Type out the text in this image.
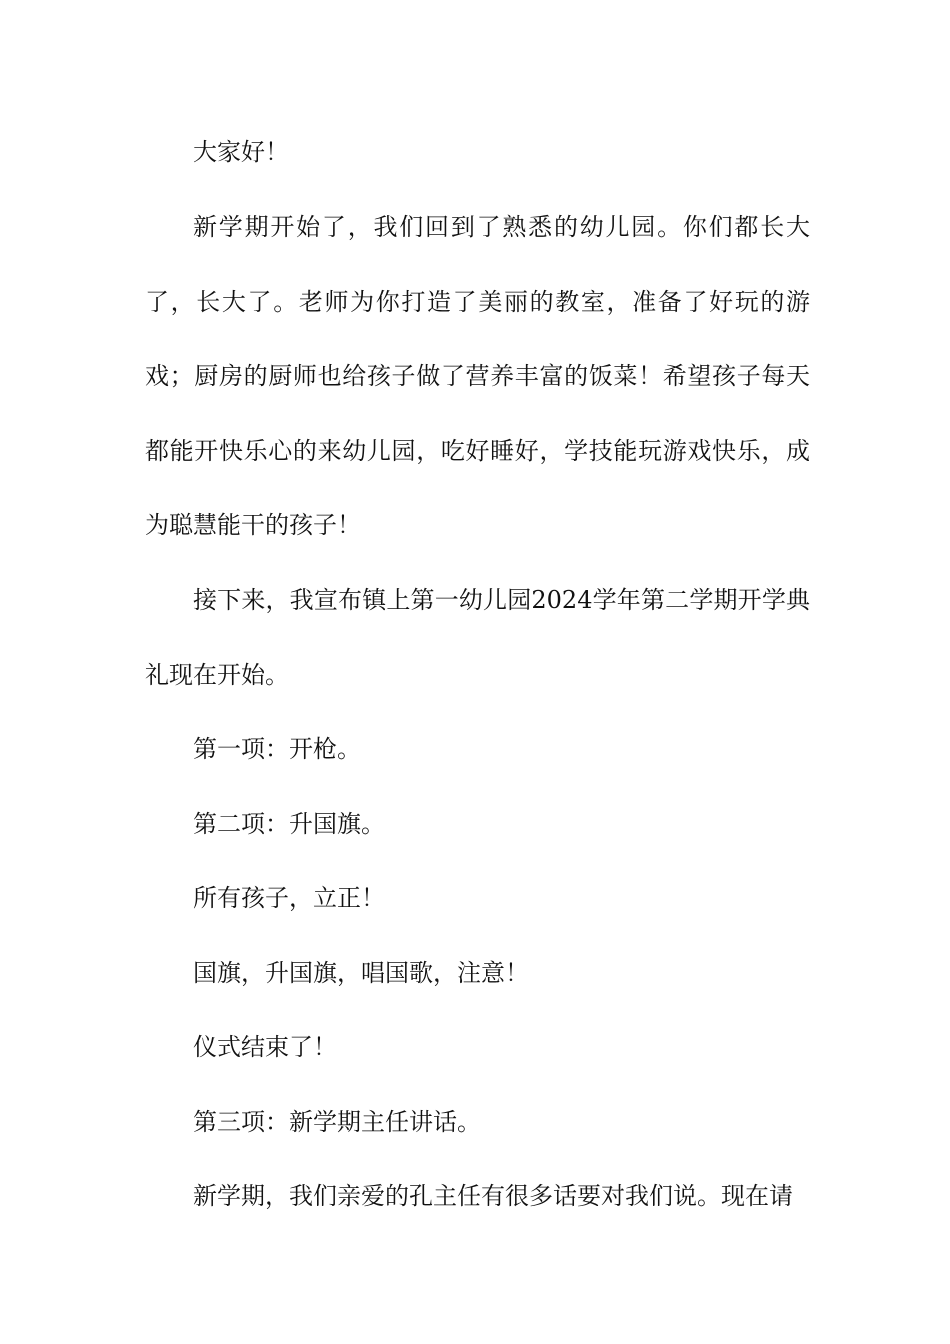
大家好！

新学期开始了，我们回到了熟悉的幼儿园。你们都长大了，长大了。老师为你打造了美丽的教室，准备了好玩的游戏；厨房的厨师也给孩子做了营养丰富的饭菜！希望孩子每天都能开快乐心的来幼儿园，吃好睡好，学技能玩游戏快乐，成为聪慧能干的孩子！

接下来，我宣布镇上第一幼儿园2024学年第二学期开学典礼现在开始。

第一项：开枪。

第二项：升国旗。

所有孩子，立正！

国旗，升国旗，唱国歌，注意！

仪式结束了！

第三项：新学期主任讲话。

新学期，我们亲爱的孔主任有很多话要对我们说。现在请
